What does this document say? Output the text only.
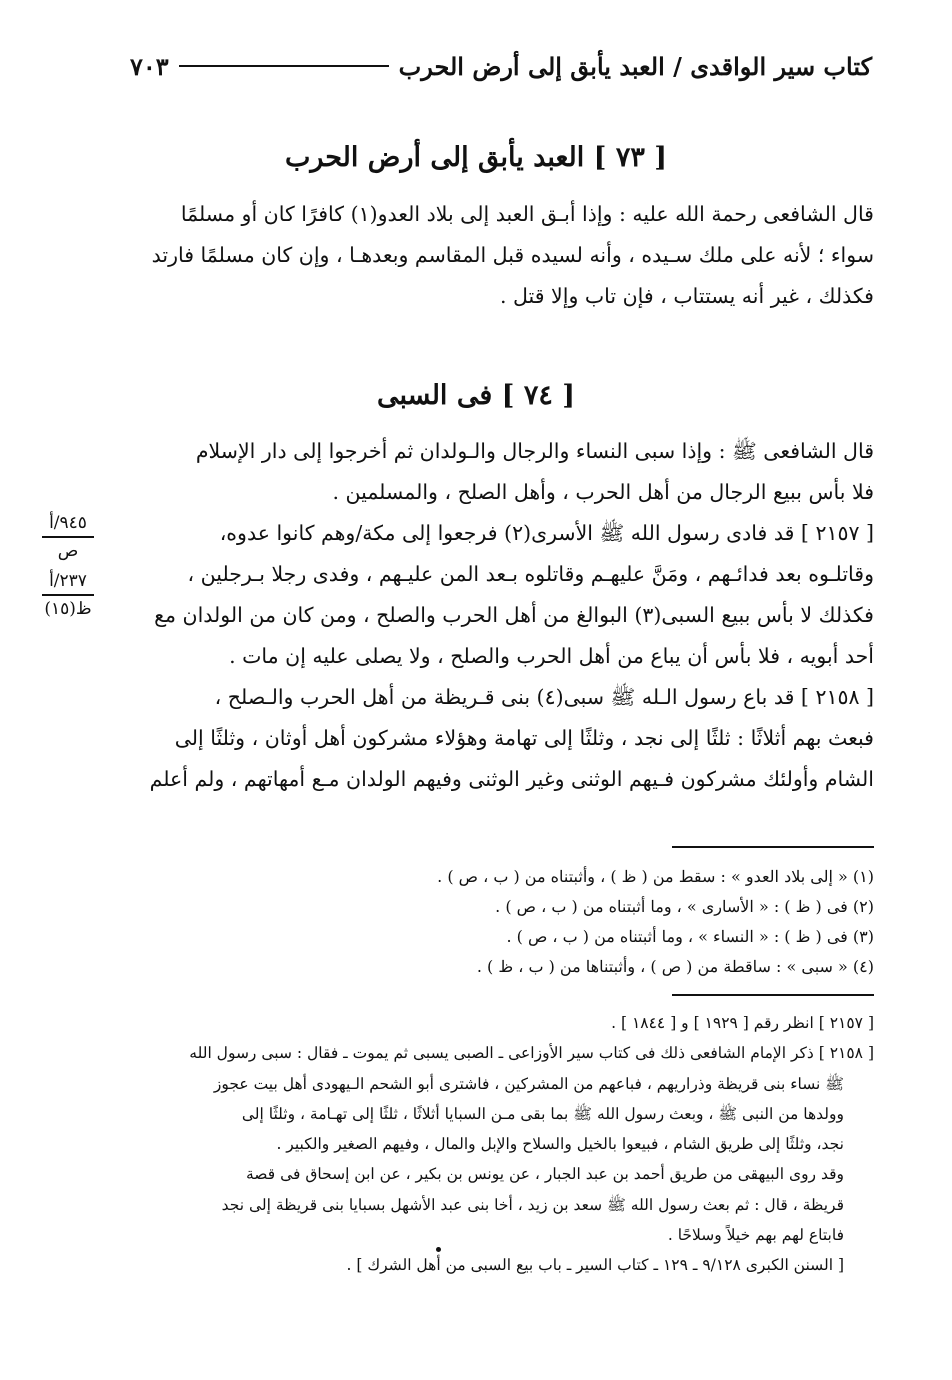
كتاب سير الواقدى / العبد يأبق إلى أرض الحرب
٧٠٣
[ ٧٣ ] العبد يأبق إلى أرض الحرب
قال الشافعى رحمة الله عليه : وإذا أبـق العبد إلى بلاد العدو(١) كافرًا كان أو مسلمًا
سواء ؛ لأنه على ملك سـيده ، وأنه لسيده قبل المقاسم وبعدهـا ، وإن كان مسلمًا فارتد
فكذلك ، غير أنه يستتاب ، فإن تاب وإلا قتل .
[ ٧٤ ] فى السبى
قال الشافعى ﷺ : وإذا سبى النساء والرجال والـولدان ثم أخرجوا إلى دار الإسلام
فلا بأس ببيع الرجال من أهل الحرب ، وأهل الصلح ، والمسلمين .
[ ٢١٥٧ ] قد فادى رسول الله ﷺ الأسرى(٢) فرجعوا إلى مكة/وهم كانوا عدوه،
وقاتلـوه بعد فدائـهم ، ومَنَّ عليهـم وقاتلوه بـعد المن عليـهم ، وفدى رجلا بـرجلين ،
فكذلك لا بأس ببيع السبى(٣) البوالغ من أهل الحرب والصلح ، ومن كان من الولدان مع
أحد أبويه ، فلا بأس أن يباع من أهل الحرب والصلح ، ولا يصلى عليه إن مات .
[ ٢١٥٨ ] قد باع رسول الـله ﷺ سبى(٤) بنى قـريظة من أهل الحرب والـصلح ،
فبعث بهم أثلاثًا : ثلثًا إلى نجد ، وثلثًا إلى تهامة وهؤلاء مشركون أهل أوثان ، وثلثًا إلى
الشام وأولئك مشركون فـيهم الوثنى وغير الوثنى وفيهم الولدان مـع أمهاتهم ، ولم أعلم
٩٤٥/أ
ص
٢٣٧/أ
ظ(١٥)
(١) « إلى بلاد العدو » : سقط من ( ظ ) ، وأثبتناه من ( ب ، ص ) .
(٢) فى ( ظ ) : « الأسارى » ، وما أثبتناه من ( ب ، ص ) .
(٣) فى ( ظ ) : « النساء » ، وما أثبتناه من ( ب ، ص ) .
(٤) « سبى » : ساقطة من ( ص ) ، وأثبتناها من ( ب ، ظ ) .
[ ٢١٥٧ ] انظر رقم [ ١٩٢٩ ] و [ ١٨٤٤ ] .
[ ٢١٥٨ ] ذكر الإمام الشافعى ذلك فى كتاب سير الأوزاعى ـ الصبى يسبى ثم يموت ـ فقال : سبى رسول الله
ﷺ نساء بنى قريظة وذراريهم ، فباعهم من المشركين ، فاشترى أبو الشحم الـيهودى أهل بيت عجوز
وولدها من النبى ﷺ ، وبعث رسول الله ﷺ بما بقى مـن السبايا أثلاثًا ، ثلثًا إلى تهـامة ، وثلثًا إلى
نجد، وثلثًا إلى طريق الشام ، فبيعوا بالخيل والسلاح والإبل والمال ، وفيهم الصغير والكبير .
وقد روى البيهقى من طريق أحمد بن عبد الجبار ، عن يونس بن بكير ، عن ابن إسحاق فى قصة
قريظة ، قال : ثم بعث رسول الله ﷺ سعد بن زيد ، أخا بنى عبد الأشهل بسبايا بنى قريظة إلى نجد
فابتاع لهم بهم خيلاً وسلاحًا .
[ السنن الكبرى ٩/١٢٨ ـ ١٢٩ ـ كتاب السير ـ باب بيع السبى من أهل الشرك ] .
